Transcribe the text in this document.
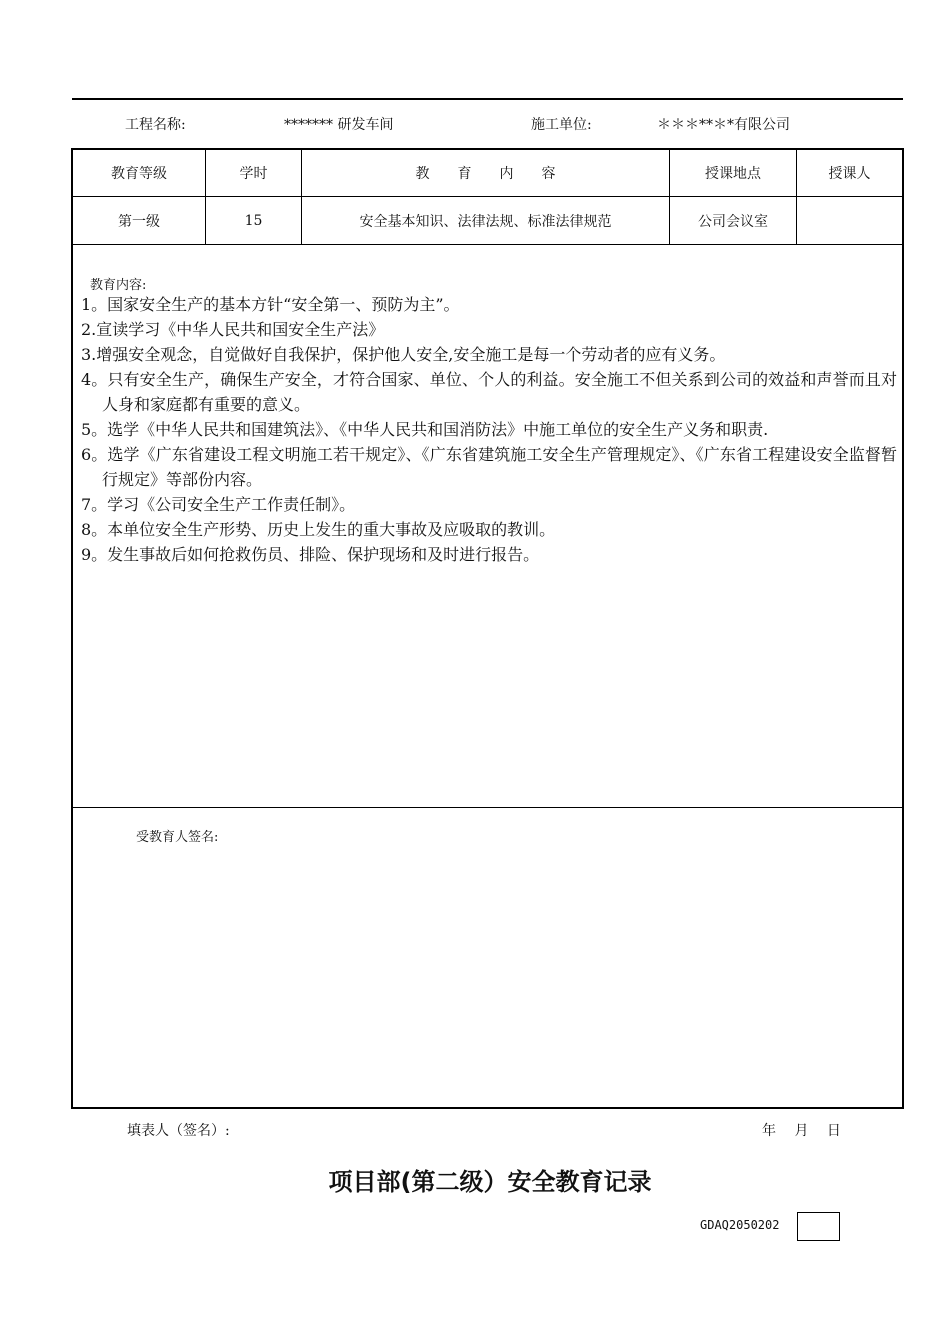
工程名称:	******* 研发车间	施工单位:	＊＊＊**＊*有限公司
教育等级	学时	教　　育　　内　　容	授课地点	授课人
第一级	15	安全基本知识、法律法规、标准法律规范	公司会议室
教育内容:
1。国家安全生产的基本方针“安全第一、预防为主”。
2.宣读学习《中华人民共和国安全生产法》
3.增强安全观念，自觉做好自我保护，保护他人安全,安全施工是每一个劳动者的应有义务。
4。只有安全生产，确保生产安全，才符合国家、单位、个人的利益。安全施工不但关系到公司的效益和声誉而且对人身和家庭都有重要的意义。
5。选学《中华人民共和国建筑法》、《中华人民共和国消防法》中施工单位的安全生产义务和职责.
6。选学《广东省建设工程文明施工若干规定》、《广东省建筑施工安全生产管理规定》、《广东省工程建设安全监督暂行规定》等部份内容。
7。学习《公司安全生产工作责任制》。
8。本单位安全生产形势、历史上发生的重大事故及应吸取的教训。
9。发生事故后如何抢救伤员、排险、保护现场和及时进行报告。
受教育人签名:
填表人（签名）:	年 月 日
项目部(第二级）安全教育记录
GDAQ2050202
